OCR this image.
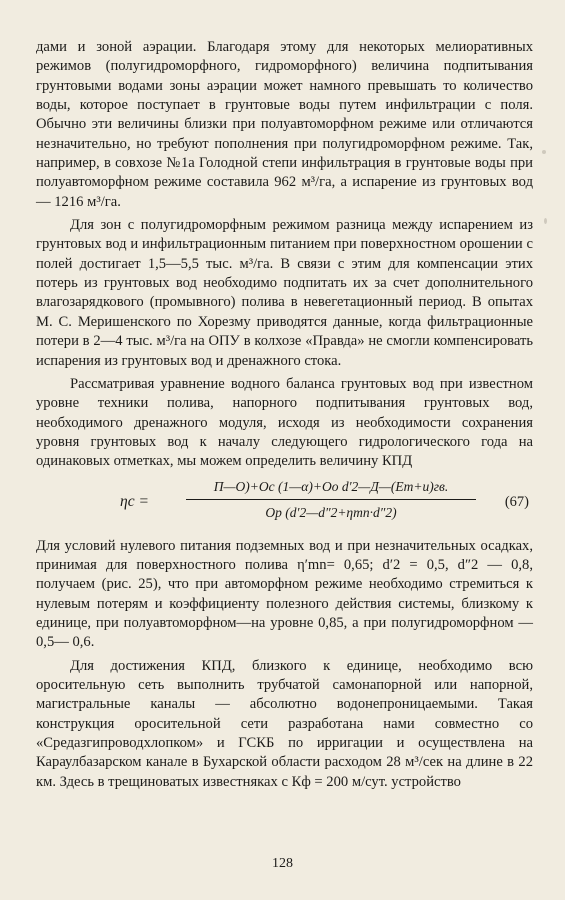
дами и зоной аэрации. Благодаря этому для некоторых мелиоративных режимов (полугидроморфного, гидроморфного) величина подпитывания грунтовыми водами зоны аэрации может намного превышать то количество воды, которое поступает в грунтовые воды путем инфильтрации с поля. Обычно эти величины близки при полуавтоморфном режиме или отличаются незначительно, но требуют пополнения при полугидроморфном режиме. Так, например, в совхозе №1а Голодной степи инфильтрация в грунтовые воды при полуавтоморфном режиме составила 962 м³/га, а испарение из грунтовых вод — 1216 м³/га.

Для зон с полугидроморфным режимом разница между испарением из грунтовых вод и инфильтрационным питанием при поверхностном орошении с полей достигает 1,5—5,5 тыс. м³/га. В связи с этим для компенсации этих потерь из грунтовых вод необходимо подпитать их за счет дополнительного влагозарядкового (промывного) полива в невегетационный период. В опытах М. С. Меришенского по Хорезму приводятся данные, когда фильтрационные потери в 2—4 тыс. м³/га на ОПУ в колхозе «Правда» не смогли компенсировать испарения из грунтовых вод и дренажного стока.

Рассматривая уравнение водного баланса грунтовых вод при известном уровне техники полива, напорного подпитывания грунтовых вод, необходимого дренажного модуля, исходя из необходимости сохранения уровня грунтовых вод к началу следующего гидрологического года на одинаковых отметках, мы можем определить величину КПД

ηc =
П—О)+Оc (1—α)+Оo d′2—Д—(Em+u)гв.
Оp (d′2—d″2+ηmn·d″2)
(67)

Для условий нулевого питания подземных вод и при незначительных осадках, принимая для поверхностного полива η′mn= 0,65; d′2 = 0,5, d″2 — 0,8, получаем (рис. 25), что при автоморфном режиме необходимо стремиться к нулевым потерям и коэффициенту полезного действия системы, близкому к единице, при полуавтоморфном—на уровне 0,85, а при полугидроморфном — 0,5— 0,6.

Для достижения КПД, близкого к единице, необходимо всю оросительную сеть выполнить трубчатой самонапорной или напорной, магистральные каналы — абсолютно водонепроницаемыми. Такая конструкция оросительной сети разработана нами совместно со «Средазгипроводхлопком» и ГСКБ по ирригации и осуществлена на Караулбазарском канале в Бухарской области расходом 28 м³/сек на длине в 22 км. Здесь в трещиноватых известняках с Кф = 200 м/сут. устройство

128
